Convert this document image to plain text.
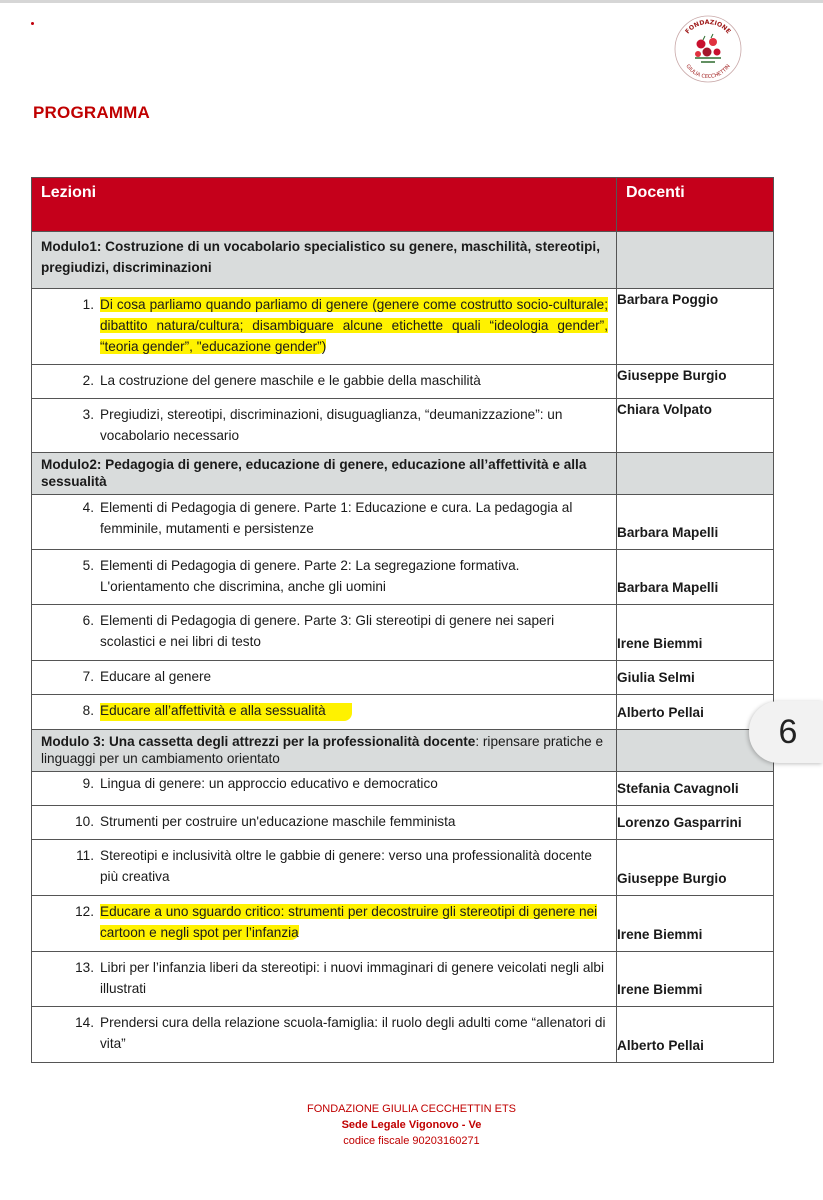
FONDAZIONE
GIULIA CECCHETTIN
PROGRAMMA
Lezioni	Docenti
Modulo1: Costruzione di un vocabolario specialistico su genere, maschilità, stereotipi, pregiudizi, discriminazioni	

1. Di cosa parliamo quando parliamo di genere (genere come costrutto socio-culturale; dibattito natura/cultura; disambiguare alcune etichette quali “ideologia gender”, “teoria gender”, "educazione gender”)	Barbara Poggio

2. La costruzione del genere maschile e le gabbie della maschilità	Giuseppe Burgio

3. Pregiudizi, stereotipi, discriminazioni, disuguaglianza, “deumanizzazione”: un vocabolario necessario	Chiara Volpato
Modulo2: Pedagogia di genere, educazione di genere, educazione all’affettività e alla sessualità	

4. Elementi di Pedagogia di genere. Parte 1: Educazione e cura. La pedagogia al femminile, mutamenti e persistenze	Barbara Mapelli

5. Elementi di Pedagogia di genere. Parte 2: La segregazione formativa. L'orientamento che discrimina, anche gli uomini	Barbara Mapelli

6. Elementi di Pedagogia di genere. Parte 3: Gli stereotipi di genere nei saperi scolastici e nei libri di testo	Irene Biemmi

7. Educare al genere	Giulia Selmi

8. Educare all’affettività e alla sessualità	Alberto Pellai
Modulo 3: Una cassetta degli attrezzi per la professionalità docente: ripensare pratiche e linguaggi per un cambiamento orientato	

9. Lingua di genere: un approccio educativo e democratico	Stefania Cavagnoli

10. Strumenti per costruire un'educazione maschile femminista	Lorenzo Gasparrini

11. Stereotipi e inclusività oltre le gabbie di genere: verso una professionalità docente più creativa	Giuseppe Burgio

12. Educare a uno sguardo critico: strumenti per decostruire gli stereotipi di genere nei cartoon e negli spot per l’infanzia	Irene Biemmi

13. Libri per l’infanzia liberi da stereotipi: i nuovi immaginari di genere veicolati negli albi illustrati	Irene Biemmi

14. Prendersi cura della relazione scuola-famiglia: il ruolo degli adulti come “allenatori di vita”	Alberto Pellai
6
FONDAZIONE GIULIA CECCHETTIN ETS
Sede Legale Vigonovo - Ve
codice fiscale 90203160271
